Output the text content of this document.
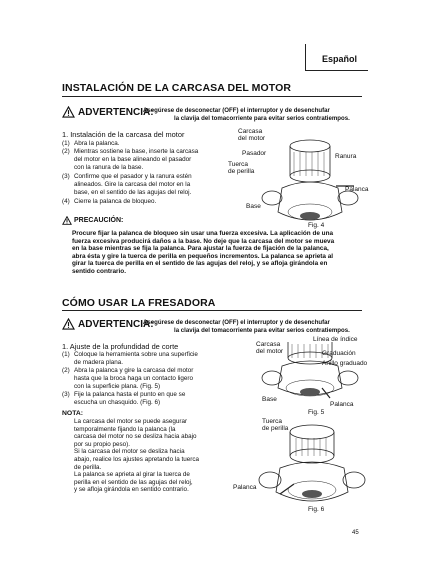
Español
INSTALACIÓN DE LA CARCASA DEL MOTOR
ADVERTENCIA:
Asegúrese de desconectar (OFF) el interruptor y de desenchufar
la clavija del tomacorriente para evitar serios contratiempos.
1. Instalación de la carcasa del motor
(1) Abra la palanca.
(2) Mientras sostiene la base, inserte la carcasa
del motor en la base alineando el pasador
con la ranura de la base.
(3) Confirme que el pasador y la ranura estén
alineados. Gire la carcasa del motor en la
base, en el sentido de las agujas del reloj.
(4) Cierre la palanca de bloqueo.
Carcasa
del motor
Pasador	Ranura
Tuerca
de perilla
Palanca
Base
Fig. 4
PRECAUCIÓN:
Procure fijar la palanca de bloqueo sin usar una fuerza excesiva. La aplicación de una
fuerza excesiva producirá daños a la base. No deje que la carcasa del motor se mueva
en la base mientras se fija la palanca. Para ajustar la fuerza de fijación de la palanca,
abra ésta y gire la tuerca de perilla en pequeños incrementos. La palanca se aprieta al
girar la tuerca de perilla en el sentido de las agujas del reloj, y se afloja girándola en
sentido contrario.
CÓMO USAR LA FRESADORA
ADVERTENCIA:
Asegúrese de desconectar (OFF) el interruptor y de desenchufar
la clavija del tomacorriente para evitar serios contratiempos.
1. Ajuste de la profundidad de corte
(1) Coloque la herramienta sobre una superficie
de madera plana.
(2) Abra la palanca y gire la carcasa del motor
hasta que la broca haga un contacto ligero
con la superficie plana. (Fig. 5)
(3) Fije la palanca hasta el punto en que se
escucha un chasquido. (Fig. 6)
NOTA:
La carcasa del motor se puede asegurar
temporalmente fijando la palanca (la
carcasa del motor no se desliza hacia abajo
por su propio peso).
Si la carcasa del motor se desliza hacia
abajo, realice los ajustes apretando la tuerca
de perilla.
La palanca se aprieta al girar la tuerca de
perilla en el sentido de las agujas del reloj,
y se afloja girándola en sentido contrario.
Carcasa
del motor
Línea de índice
Graduación
Anillo graduado
Base
Palanca
Fig. 5
Tuerca
de perilla
Palanca
Fig. 6
45
